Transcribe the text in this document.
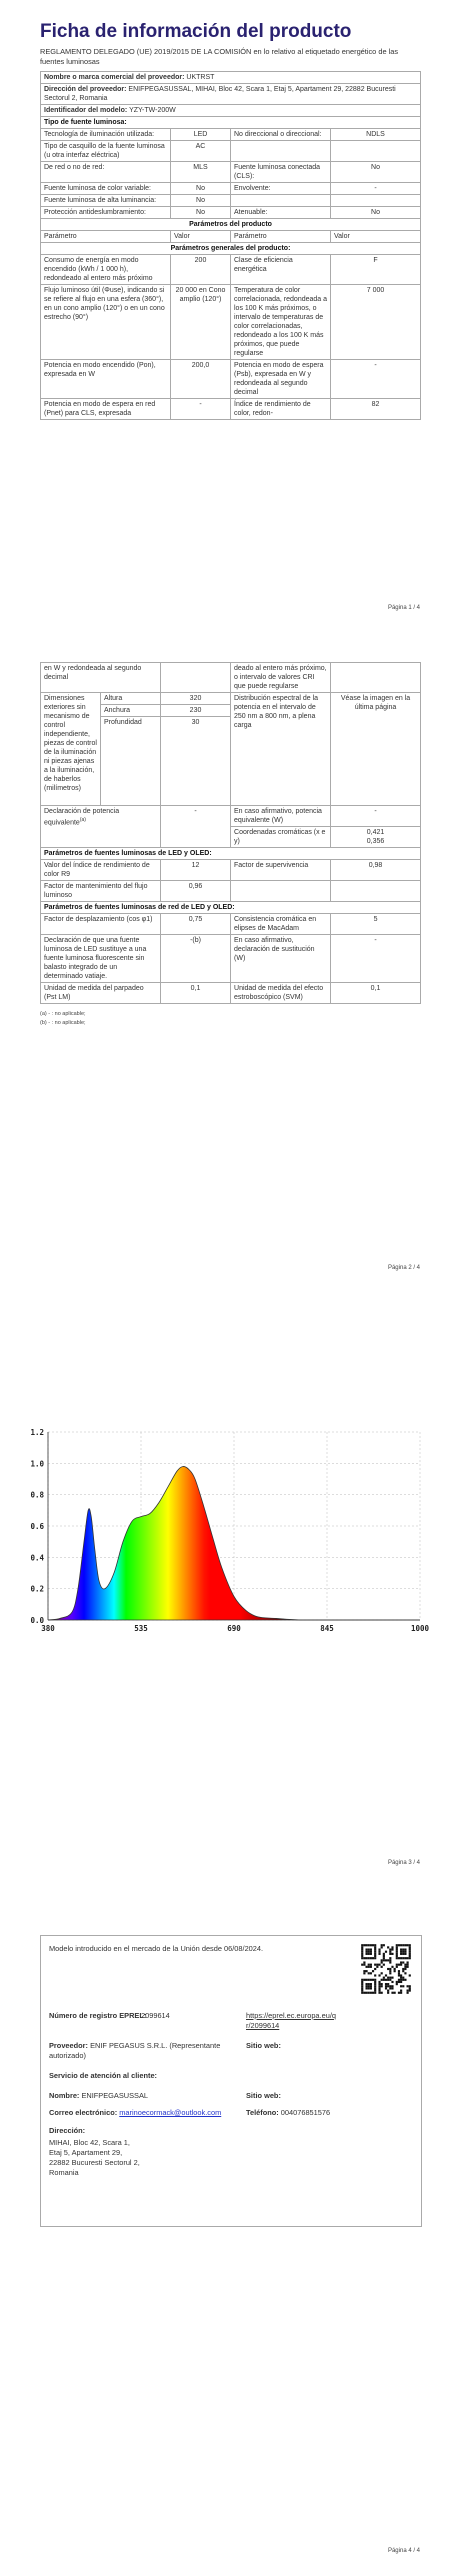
Ficha de información del producto
REGLAMENTO DELEGADO (UE) 2019/2015 DE LA COMISIÓN en lo relativo al etiquetado energético de las fuentes luminosas
Nombre o marca comercial del proveedor: UKTRST			
Dirección del proveedor: ENIFPEGASUSSAL, MIHAI, Bloc 42, Scara 1, Etaj 5, Apartament 29, 22882 Bucuresti Sectorul 2, Romania			
Identificador del modelo: YZY-TW-200W			
Tipo de fuente luminosa:			
Tecnología de iluminación utilizada:	LED	No direccional o direccional:	NDLS
Tipo de casquillo de la fuente luminosa
(u otra interfaz eléctrica)	AC		
De red o no de red:	MLS	Fuente luminosa conectada (CLS):	No
Fuente luminosa de color variable:	No	Envolvente:	-
Fuente luminosa de alta luminancia:	No		
Protección antideslumbramiento:	No	Atenuable:	No
Parámetros del producto			
Parámetro	Valor	Parámetro	Valor
Parámetros generales del producto:			
Consumo de energía en modo encendido (kWh / 1 000 h), redondeado al entero más próximo	200	Clase de eficiencia energética	F
Flujo luminoso útil (Φuse), indicando si se refiere al flujo en una esfera (360°), en un cono amplio (120°) o en un cono estrecho (90°)	20 000 en Cono amplio (120°)	Temperatura de color correlacionada, redondeada a los 100 K más próximos, o intervalo de temperaturas de color correlacionadas, redondeado a los 100 K más próximos, que puede regularse	7 000
Potencia en modo encendido (Pon), expresada en W	200,0	Potencia en modo de espera (Psb), expresada en W y redondeada al segundo decimal	-
Potencia en modo de espera en red (Pnet) para CLS, expresada	-	Índice de rendimiento de color, redon-	82
Página 1 / 4
en W y redondeada al segundo decimal			deado al entero más próximo, o intervalo de valores CRI que puede regularse	
Dimensiones exteriores sin mecanismo de control independiente, piezas de control de la iluminación ni piezas ajenas a la iluminación, de haberlos (milímetros)	Altura	320	Distribución espectral de la potencia en el intervalo de 250 nm a 800 nm, a plena carga	Véase la imagen en la última página
	Anchura	230		
	Profundidad	30		
Declaración de potencia equivalente$^{(a)}$		-	En caso afirmativo, potencia equivalente (W)	-
			Coordenadas cromáticas (x e y)	0,421
0,356

Parámetros de fuentes luminosas de LED y OLED:				
Valor del índice de rendimiento de color R9		12	Factor de supervivencia	0,98
Factor de mantenimiento del flujo luminoso		0,96		
Parámetros de fuentes luminosas de red de LED y OLED:				
Factor de desplazamiento (cos φ1)		0,75	Consistencia cromática en elipses de MacAdam	5
Declaración de que una fuente luminosa de LED sustituye a una fuente luminosa fluorescente sin balasto integrado de un determinado vatiaje.		-(b)	En caso afirmativo, declaración de sustitución (W)	-
Unidad de medida del parpadeo (Pst LM)		0,1	Unidad de medida del efecto estroboscópico (SVM)	0,1
(a) - : no aplicable;
(b) - : no aplicable;
Página 2 / 4
Página 3 / 4
380	535	690	845	1000
0.0
0.2
0.4
0.6
0.8
1.0
1.2
Modelo introducido en el mercado de la Unión desde 06/08/2024.
Número de registro EPREL:
2099614	https://eprel.ec.europa.eu/qr/2099614
Proveedor: ENIF PEGASUS S.R.L. (Representante autorizado)
Sitio web:
Servicio de atención al cliente:
Nombre: ENIFPEGASUSSAL	Sitio web:
Correo electrónico: marinoecormack@outlook.com	Teléfono: 004076851576
Dirección:
MIHAI, Bloc 42, Scara 1,
Etaj 5, Apartament 29,
22882 Bucuresti Sectorul 2,
Romania
Página 4 / 4
